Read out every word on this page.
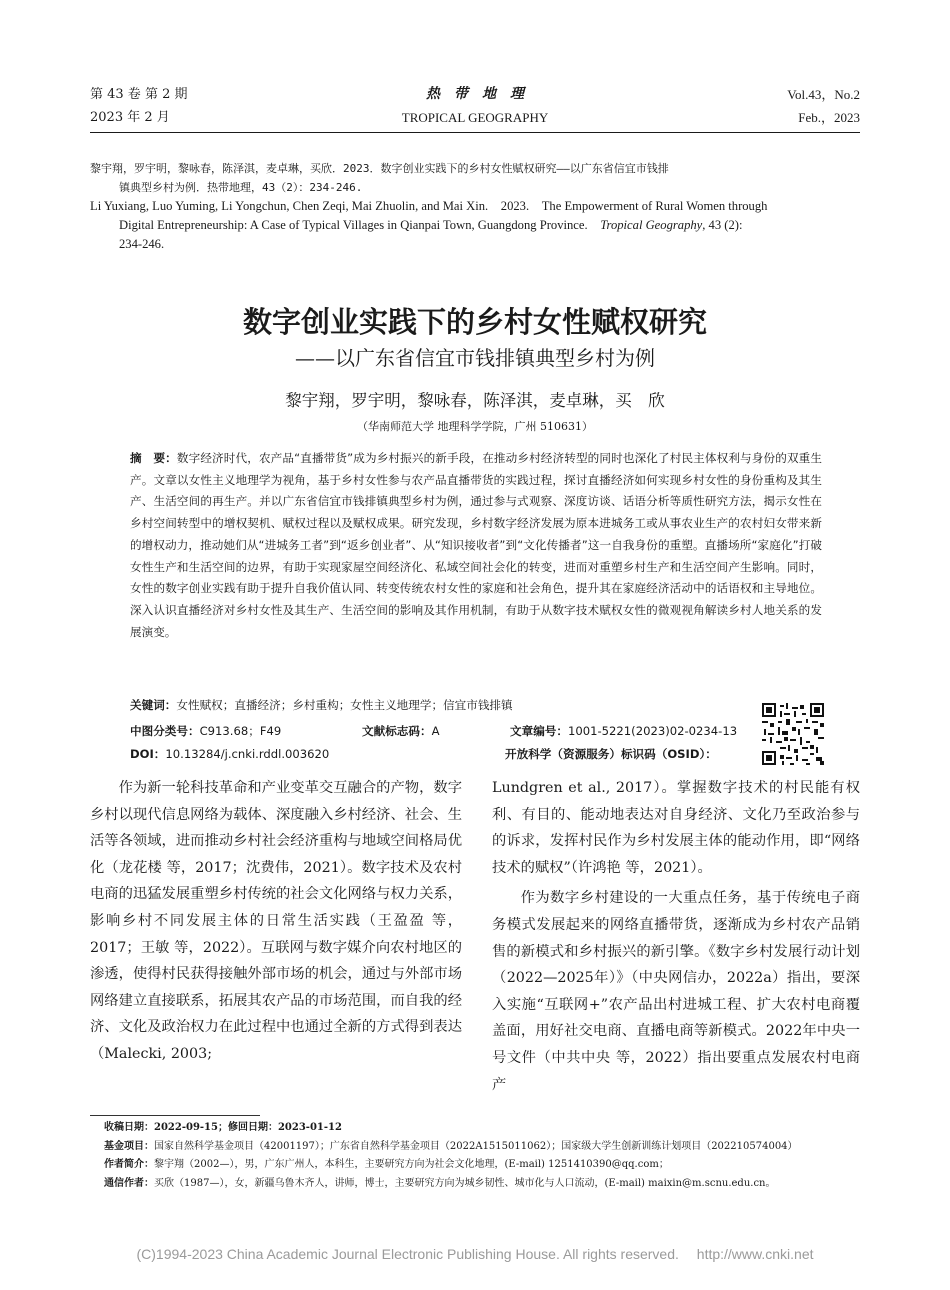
第 43 卷 第 2 期
2023 年 2 月
热　带　地　理
TROPICAL GEOGRAPHY
Vol.43，No.2
Feb.，2023
黎宇翔，罗宇明，黎咏春，陈泽淇，麦卓琳，买欣．2023．数字创业实践下的乡村女性赋权研究——以广东省信宜市钱排
镇典型乡村为例．热带地理，43（2）：234-246.
Li Yuxiang, Luo Yuming, Li Yongchun, Chen Zeqi, Mai Zhuolin, and Mai Xin.　2023.　The Empowerment of Rural Women through
Digital Entrepreneurship: A Case of Typical Villages in Qianpai Town, Guangdong Province.　Tropical Geography, 43 (2):
234-246.
数字创业实践下的乡村女性赋权研究
——以广东省信宜市钱排镇典型乡村为例
黎宇翔，罗宇明，黎咏春，陈泽淇，麦卓琳，买　欣
（华南师范大学 地理科学学院，广州 510631）
摘　要：数字经济时代，农产品“直播带货”成为乡村振兴的新手段，在推动乡村经济转型的同时也深化了村民主体权利与身份的双重生产。文章以女性主义地理学为视角，基于乡村女性参与农产品直播带货的实践过程，探讨直播经济如何实现乡村女性的身份重构及其生产、生活空间的再生产。并以广东省信宜市钱排镇典型乡村为例，通过参与式观察、深度访谈、话语分析等质性研究方法，揭示女性在乡村空间转型中的增权契机、赋权过程以及赋权成果。研究发现，乡村数字经济发展为原本进城务工或从事农业生产的农村妇女带来新的增权动力，推动她们从“进城务工者”到“返乡创业者”、从“知识接收者”到“文化传播者”这一自我身份的重塑。直播场所“家庭化”打破女性生产和生活空间的边界，有助于实现家屋空间经济化、私域空间社会化的转变，进而对重塑乡村生产和生活空间产生影响。同时，女性的数字创业实践有助于提升自我价值认同、转变传统农村女性的家庭和社会角色，提升其在家庭经济活动中的话语权和主导地位。深入认识直播经济对乡村女性及其生产、生活空间的影响及其作用机制，有助于从数字技术赋权女性的微观视角解读乡村人地关系的发展演变。
关键词：女性赋权；直播经济；乡村重构；女性主义地理学；信宜市钱排镇
中图分类号：C913.68；F49	文献标志码：A	文章编号：1001-5221(2023)02-0234-13
DOI：10.13284/j.cnki.rddl.003620	开放科学（资源服务）标识码（OSID）：

作为新一轮科技革命和产业变革交互融合的产物，数字乡村以现代信息网络为载体、深度融入乡村经济、社会、生活等各领域，进而推动乡村社会经济重构与地域空间格局优化（龙花楼 等，2017；沈费伟，2021）。数字技术及农村电商的迅猛发展重塑乡村传统的社会文化网络与权力关系，影响乡村不同发展主体的日常生活实践（王盈盈 等，2017；王敏 等，2022）。互联网与数字媒介向农村地区的渗透，使得村民获得接触外部市场的机会，通过与外部市场网络建立直接联系，拓展其农产品的市场范围，而自我的经济、文化及政治权力在此过程中也通过全新的方式得到表达（Malecki, 2003;

Lundgren et al., 2017）。掌握数字技术的村民能有权利、有目的、能动地表达对自身经济、文化乃至政治参与的诉求，发挥村民作为乡村发展主体的能动作用，即“网络技术的赋权”（许鸿艳 等，2021）。

作为数字乡村建设的一大重点任务，基于传统电子商务模式发展起来的网络直播带货，逐渐成为乡村农产品销售的新模式和乡村振兴的新引擎。《数字乡村发展行动计划（2022—2025年）》（中央网信办，2022a）指出，要深入实施“互联网+”农产品出村进城工程、扩大农村电商覆盖面，用好社交电商、直播电商等新模式。2022年中央一号文件（中共中央 等，2022）指出要重点发展农村电商产

收稿日期：2022-09-15；修回日期：2023-01-12
基金项目：国家自然科学基金项目（42001197）；广东省自然科学基金项目（2022A1515011062）；国家级大学生创新训练计划项目（202210574004）
作者简介：黎宇翔（2002—），男，广东广州人，本科生，主要研究方向为社会文化地理，(E-mail) 1251410390@qq.com；
通信作者：买欣（1987—），女，新疆乌鲁木齐人，讲师，博士，主要研究方向为城乡韧性、城市化与人口流动，(E-mail) maixin@m.scnu.edu.cn。
(C)1994-2023 China Academic Journal Electronic Publishing House. All rights reserved.　 http://www.cnki.net
